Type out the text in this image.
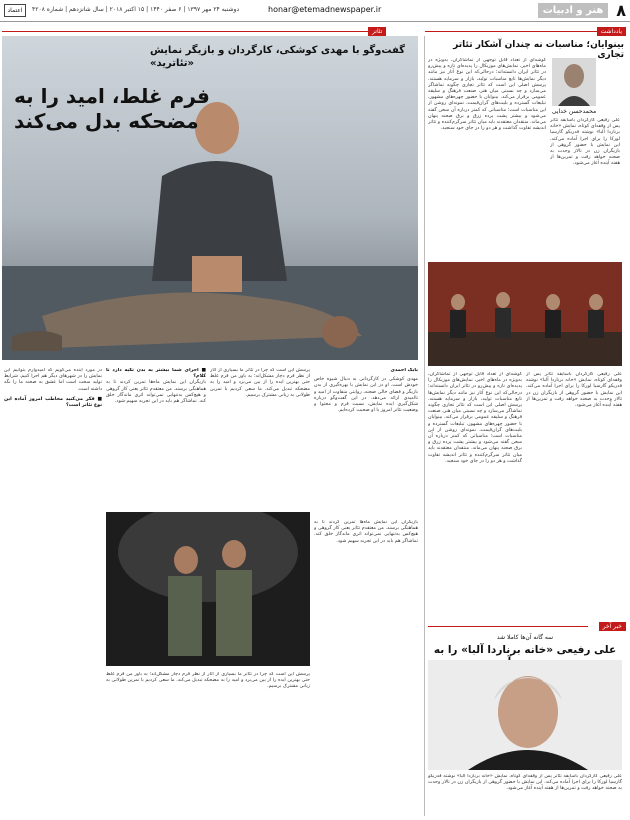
۸
هنر و ادبیات
honar@etemadnewspaper.ir
دوشنبه ۲۴ مهر ۱۳۹۷ | ۶ صفر ۱۴۴۰ | ۱۵ اکتبر ۲۰۱۸ | سال شانزدهم | شماره ۴۲۰۸
اعتماد
تئاتر	یادداشت
گفت‌وگو با مهدی کوشکی، کارگردان و بازیگر نمایش «تئاترید»
فرم غلط، امید را به مضحکه بدل می‌کند
بابک احمدی
مهدی کوشکی در کارگردانی به دنبال شیوه خاص خودش است. او در این نمایش با بهره‌گیری از بدن بازیگر و فضای خالی صحنه، روایتی متفاوت از امید و ناامیدی ارائه می‌دهد. در این گفت‌وگو درباره شکل‌گیری ایده نمایش، نسبت فرم و محتوا و وضعیت تئاتر امروز با او صحبت کرده‌ایم.
پرسش این است که چرا در تئاتر ما بسیاری از آثار از نظر فرم دچار مشکل‌اند؛ به باور من فرم غلط حتی بهترین ایده را از بین می‌برد و امید را به مضحکه تبدیل می‌کند. ما سعی کردیم با تمرین طولانی به زبانی مشترک برسیم.
■ اجرای شما بیشتر به بدن تکیه دارد تا کلام؟
بازیگران این نمایش ماه‌ها تمرین کردند تا به هماهنگی برسند. من معتقدم تئاتر یعنی کار گروهی و هیچ‌کس به‌تنهایی نمی‌تواند اثری ماندگار خلق کند. تماشاگر هم باید در این تجربه سهیم شود.
در مورد آینده می‌گویم که امیدوارم بتوانیم این نمایش را در شهرهای دیگر هم اجرا کنیم. شرایط تولید سخت است اما عشق به صحنه ما را نگه داشته است.
■ فکر می‌کنید مخاطب امروز آماده این نوع تئاتر است؟
پرسش این است که چرا در تئاتر ما بسیاری از آثار از نظر فرم دچار مشکل‌اند؛ به باور من فرم غلط حتی بهترین ایده را از بین می‌برد و امید را به مضحکه تبدیل می‌کند. ما سعی کردیم با تمرین طولانی به زبانی مشترک برسیم.
بازیگران این نمایش ماه‌ها تمرین کردند تا به هماهنگی برسند. من معتقدم تئاتر یعنی کار گروهی و هیچ‌کس به‌تنهایی نمی‌تواند اثری ماندگار خلق کند. تماشاگر هم باید در این تجربه سهیم شود.
بینوایان؛ مناسبات نه چندان آشکار تئاتر تجاری
محمدحسن خدایی
گوشه‌ای از تعداد قابل توجهی از تماشاگران، به‌ویژه در ماه‌های اخیر، نمایش‌های موزیکال را پدیده‌ای تازه و پیش‌رو در تئاتر ایران دانسته‌اند؛ درحالی‌که این نوع آثار نیز مانند دیگر نمایش‌ها تابع مناسبات تولید، بازار و سرمایه هستند. پرسش اصلی این است که تئاتر تجاری چگونه تماشاگر می‌سازد و چه نسبتی میان هنر، صنعت فرهنگ و سلیقه عمومی برقرار می‌کند. بینوایان با حضور چهره‌های مشهور، تبلیغات گسترده و بلیت‌های گران‌قیمت، نمونه‌ای روشن از این مناسبات است؛ مناسباتی که کمتر درباره آن سخن گفته می‌شود و بیشتر پشت پرده زرق و برق صحنه پنهان می‌ماند. منتقدان معتقدند باید میان تئاتر سرگرم‌کننده و تئاتر اندیشه تفاوت گذاشت و هر دو را در جای خود سنجید.
علی رفیعی کارگردان باسابقه تئاتر پس از وقفه‌ای کوتاه، نمایش «خانه برناردا آلبا» نوشته فدریکو گارسیا لورکا را برای اجرا آماده می‌کند. این نمایش با حضور گروهی از بازیگران زن در تالار وحدت به صحنه خواهد رفت و تمرین‌ها از هفته آینده آغاز می‌شود.
گوشه‌ای از تعداد قابل توجهی از تماشاگران، به‌ویژه در ماه‌های اخیر، نمایش‌های موزیکال را پدیده‌ای تازه و پیش‌رو در تئاتر ایران دانسته‌اند؛ درحالی‌که این نوع آثار نیز مانند دیگر نمایش‌ها تابع مناسبات تولید، بازار و سرمایه هستند. پرسش اصلی این است که تئاتر تجاری چگونه تماشاگر می‌سازد و چه نسبتی میان هنر، صنعت فرهنگ و سلیقه عمومی برقرار می‌کند. بینوایان با حضور چهره‌های مشهور، تبلیغات گسترده و بلیت‌های گران‌قیمت، نمونه‌ای روشن از این مناسبات است؛ مناسباتی که کمتر درباره آن سخن گفته می‌شود و بیشتر پشت پرده زرق و برق صحنه پنهان می‌ماند. منتقدان معتقدند باید میان تئاتر سرگرم‌کننده و تئاتر اندیشه تفاوت گذاشت و هر دو را در جای خود سنجید.
علی رفیعی کارگردان باسابقه تئاتر پس از وقفه‌ای کوتاه، نمایش «خانه برناردا آلبا» نوشته فدریکو گارسیا لورکا را برای اجرا آماده می‌کند. این نمایش با حضور گروهی از بازیگران زن در تالار وحدت به صحنه خواهد رفت و تمرین‌ها از هفته آینده آغاز می‌شود.
خبر آخر
سه گانه آن‌ها کاملا شد
علی رفیعی «خانه برناردا آلبا» را به
علی رفیعی کارگردان باسابقه تئاتر پس از وقفه‌ای کوتاه، نمایش «خانه برناردا آلبا» نوشته فدریکو گارسیا لورکا را برای اجرا آماده می‌کند. این نمایش با حضور گروهی از بازیگران زن در تالار وحدت به صحنه خواهد رفت و تمرین‌ها از هفته آینده آغاز می‌شود.
